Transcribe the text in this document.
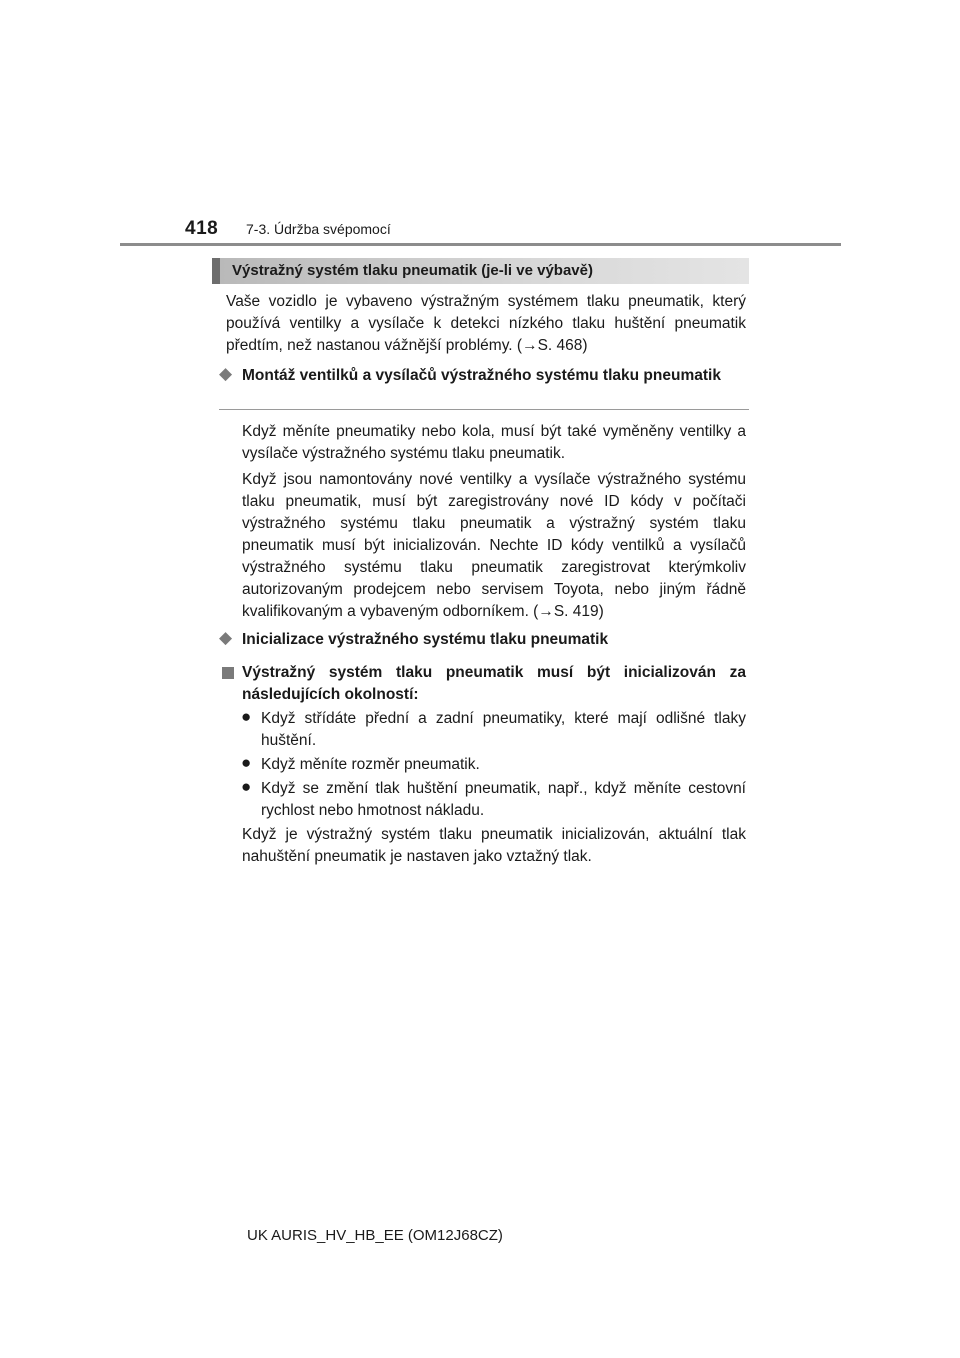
418 7-3. Údržba svépomocí
Výstražný systém tlaku pneumatik (je-li ve výbavě)
Vaše vozidlo je vybaveno výstražným systémem tlaku pneumatik, který používá ventilky a vysílače k detekci nízkého tlaku huštění pneumatik předtím, než nastanou vážnější problémy. (→S. 468)
◆ Montáž ventilků a vysílačů výstražného systému tlaku pneumatik
Když měníte pneumatiky nebo kola, musí být také vyměněny ventilky a vysílače výstražného systému tlaku pneumatik.
Když jsou namontovány nové ventilky a vysílače výstražného systému tlaku pneumatik, musí být zaregistrovány nové ID kódy v počítači výstražného systému tlaku pneumatik a výstražný systém tlaku pneumatik musí být inicializován. Nechte ID kódy ventilků a vysílačů výstražného systému tlaku pneumatik zaregistrovat kterýmkoliv autorizovaným prodejcem nebo servisem Toyota, nebo jiným řádně kvalifikovaným a vybaveným odborníkem. (→S. 419)
◆ Inicializace výstražného systému tlaku pneumatik
Výstražný systém tlaku pneumatik musí být inicializován za následujících okolností:
● Když střídáte přední a zadní pneumatiky, které mají odlišné tlaky huštění.
● Když měníte rozměr pneumatik.
● Když se změní tlak huštění pneumatik, např., když měníte cestovní rychlost nebo hmotnost nákladu.
Když je výstražný systém tlaku pneumatik inicializován, aktuální tlak nahuštění pneumatik je nastaven jako vztažný tlak.
UK AURIS_HV_HB_EE (OM12J68CZ)
